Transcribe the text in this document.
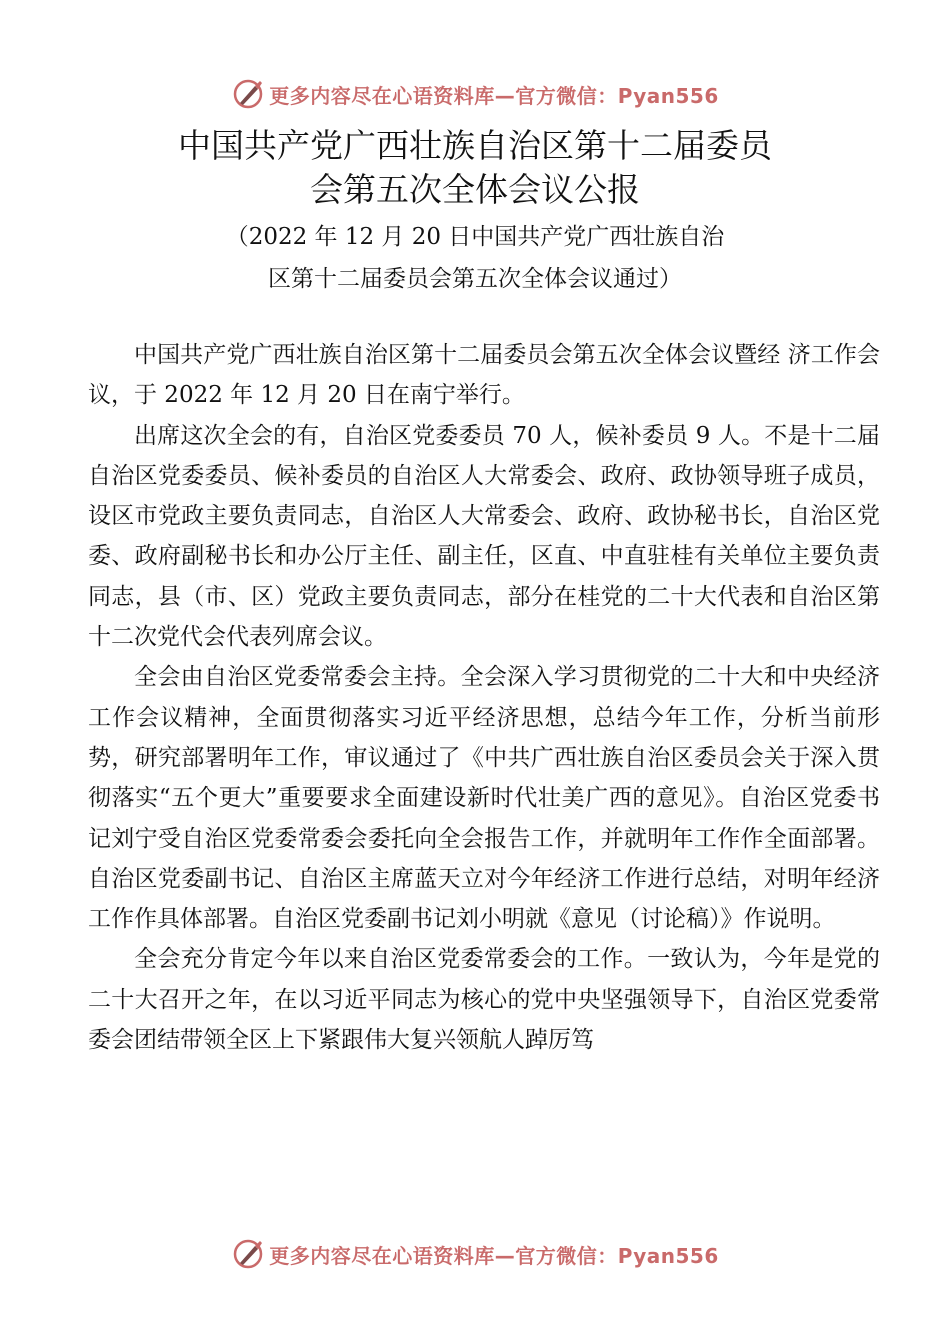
更多内容尽在心语资料库—官方微信：Pyan556
中国共产党广西壮族自治区第十二届委员
会第五次全体会议公报
（2022 年 12 月 20 日中国共产党广西壮族自治
区第十二届委员会第五次全体会议通过）

中国共产党广西壮族自治区第十二届委员会第五次全体会议暨经 济工作会议，于 2022 年 12 月 20 日在南宁举行。

出席这次全会的有，自治区党委委员 70 人，候补委员 9 人。不是十二届自治区党委委员、候补委员的自治区人大常委会、政府、政协领导班子成员，设区市党政主要负责同志，自治区人大常委会、政府、政协秘书长，自治区党委、政府副秘书长和办公厅主任、副主任，区直、中直驻桂有关单位主要负责同志，县（市、区）党政主要负责同志，部分在桂党的二十大代表和自治区第十二次党代会代表列席会议。

全会由自治区党委常委会主持。全会深入学习贯彻党的二十大和中央经济工作会议精神，全面贯彻落实习近平经济思想，总结今年工作，分析当前形势，研究部署明年工作，审议通过了《中共广西壮族自治区委员会关于深入贯彻落实“五个更大”重要要求全面建设新时代壮美广西的意见》。自治区党委书记刘宁受自治区党委常委会委托向全会报告工作，并就明年工作作全面部署。自治区党委副书记、自治区主席蓝天立对今年经济工作进行总结，对明年经济工作作具体部署。自治区党委副书记刘小明就《意见（讨论稿）》作说明。

全会充分肯定今年以来自治区党委常委会的工作。一致认为，今年是党的二十大召开之年，在以习近平同志为核心的党中央坚强领导下，自治区党委常委会团结带领全区上下紧跟伟大复兴领航人踔厉笃

更多内容尽在心语资料库—官方微信：Pyan556
